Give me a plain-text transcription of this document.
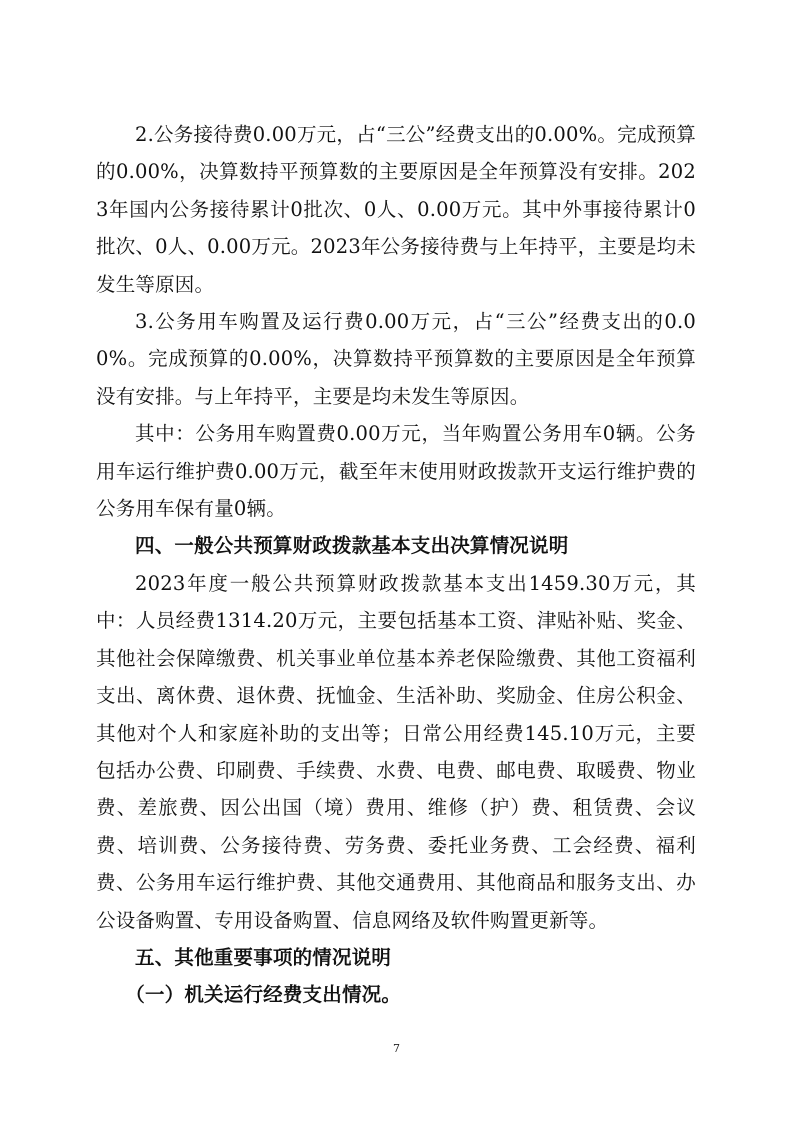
2.公务接待费0.00万元，占“三公”经费支出的0.00%。完成预算的0.00%，决算数持平预算数的主要原因是全年预算没有安排。2023年国内公务接待累计0批次、0人、0.00万元。其中外事接待累计0批次、0人、0.00万元。2023年公务接待费与上年持平，主要是均未发生等原因。

3.公务用车购置及运行费0.00万元，占“三公”经费支出的0.00%。完成预算的0.00%，决算数持平预算数的主要原因是全年预算没有安排。与上年持平，主要是均未发生等原因。

其中：公务用车购置费0.00万元，当年购置公务用车0辆。公务用车运行维护费0.00万元，截至年末使用财政拨款开支运行维护费的公务用车保有量0辆。

四、一般公共预算财政拨款基本支出决算情况说明

2023年度一般公共预算财政拨款基本支出1459.30万元，其中：人员经费1314.20万元，主要包括基本工资、津贴补贴、奖金、其他社会保障缴费、机关事业单位基本养老保险缴费、其他工资福利支出、离休费、退休费、抚恤金、生活补助、奖励金、住房公积金、其他对个人和家庭补助的支出等；日常公用经费145.10万元，主要包括办公费、印刷费、手续费、水费、电费、邮电费、取暖费、物业费、差旅费、因公出国（境）费用、维修（护）费、租赁费、会议费、培训费、公务接待费、劳务费、委托业务费、工会经费、福利费、公务用车运行维护费、其他交通费用、其他商品和服务支出、办公设备购置、专用设备购置、信息网络及软件购置更新等。

五、其他重要事项的情况说明

（一）机关运行经费支出情况。

7
